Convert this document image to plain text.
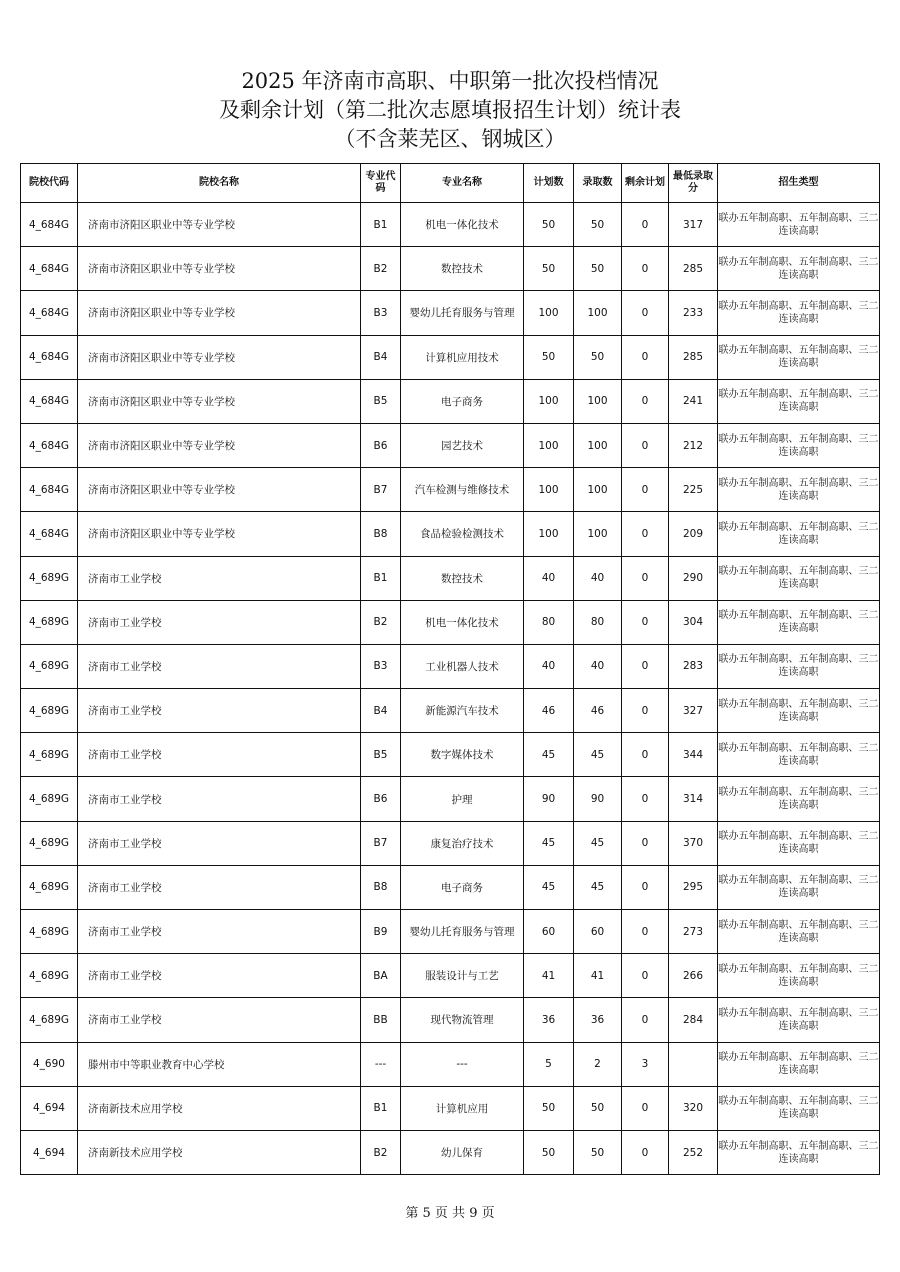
2025 年济南市高职、中职第一批次投档情况
及剩余计划（第二批次志愿填报招生计划）统计表
（不含莱芜区、钢城区）
院校代码	院校名称	专业代码	专业名称	计划数	录取数	剩余计划	最低录取分	招生类型
4_684G	济南市济阳区职业中等专业学校	B1	机电一体化技术	50	50	0	317	联办五年制高职、五年制高职、三二连读高职
4_684G	济南市济阳区职业中等专业学校	B2	数控技术	50	50	0	285	联办五年制高职、五年制高职、三二连读高职
4_684G	济南市济阳区职业中等专业学校	B3	婴幼儿托育服务与管理	100	100	0	233	联办五年制高职、五年制高职、三二连读高职
4_684G	济南市济阳区职业中等专业学校	B4	计算机应用技术	50	50	0	285	联办五年制高职、五年制高职、三二连读高职
4_684G	济南市济阳区职业中等专业学校	B5	电子商务	100	100	0	241	联办五年制高职、五年制高职、三二连读高职
4_684G	济南市济阳区职业中等专业学校	B6	园艺技术	100	100	0	212	联办五年制高职、五年制高职、三二连读高职
4_684G	济南市济阳区职业中等专业学校	B7	汽车检测与维修技术	100	100	0	225	联办五年制高职、五年制高职、三二连读高职
4_684G	济南市济阳区职业中等专业学校	B8	食品检验检测技术	100	100	0	209	联办五年制高职、五年制高职、三二连读高职
4_689G	济南市工业学校	B1	数控技术	40	40	0	290	联办五年制高职、五年制高职、三二连读高职
4_689G	济南市工业学校	B2	机电一体化技术	80	80	0	304	联办五年制高职、五年制高职、三二连读高职
4_689G	济南市工业学校	B3	工业机器人技术	40	40	0	283	联办五年制高职、五年制高职、三二连读高职
4_689G	济南市工业学校	B4	新能源汽车技术	46	46	0	327	联办五年制高职、五年制高职、三二连读高职
4_689G	济南市工业学校	B5	数字媒体技术	45	45	0	344	联办五年制高职、五年制高职、三二连读高职
4_689G	济南市工业学校	B6	护理	90	90	0	314	联办五年制高职、五年制高职、三二连读高职
4_689G	济南市工业学校	B7	康复治疗技术	45	45	0	370	联办五年制高职、五年制高职、三二连读高职
4_689G	济南市工业学校	B8	电子商务	45	45	0	295	联办五年制高职、五年制高职、三二连读高职
4_689G	济南市工业学校	B9	婴幼儿托育服务与管理	60	60	0	273	联办五年制高职、五年制高职、三二连读高职
4_689G	济南市工业学校	BA	服装设计与工艺	41	41	0	266	联办五年制高职、五年制高职、三二连读高职
4_689G	济南市工业学校	BB	现代物流管理	36	36	0	284	联办五年制高职、五年制高职、三二连读高职
4_690	滕州市中等职业教育中心学校	---	---	5	2	3		联办五年制高职、五年制高职、三二连读高职
4_694	济南新技术应用学校	B1	计算机应用	50	50	0	320	联办五年制高职、五年制高职、三二连读高职
4_694	济南新技术应用学校	B2	幼儿保育	50	50	0	252	联办五年制高职、五年制高职、三二连读高职
第 5 页 共 9 页
